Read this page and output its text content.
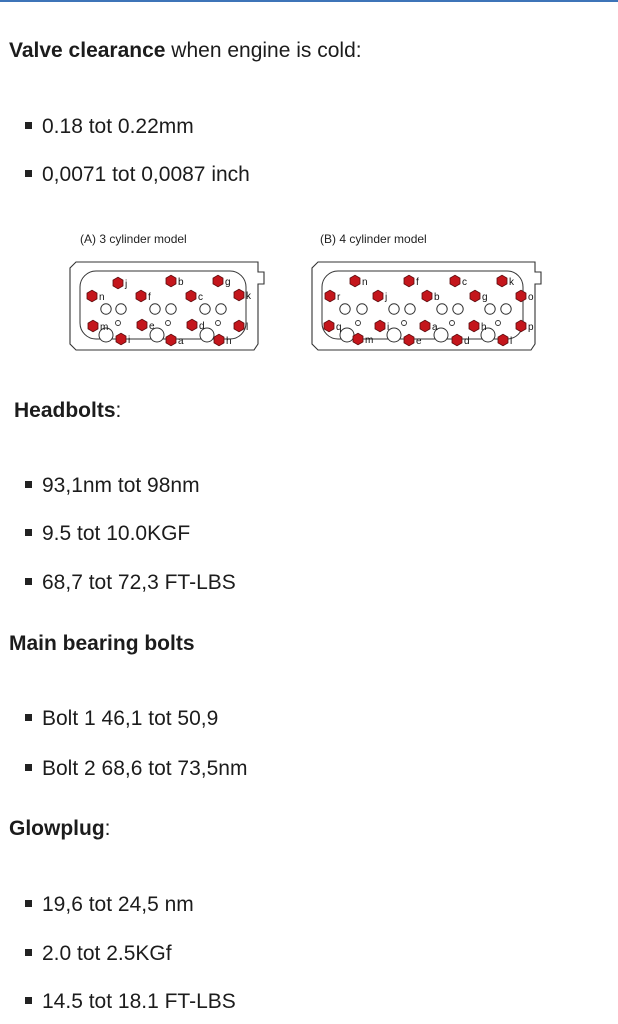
Valve clearance when engine is cold:
0.18 tot 0.22mm
0,0071 tot 0,0087 inch
(A) 3 cylinder model	(B) 4 cylinder model
j	b	g
n	f	c	k
m	e	d	l
i	a	h
n	f	c	k
r	j	b	g	o
q	i	a	h	p
m	e	d	l
Headbolts:
93,1nm tot 98nm
9.5 tot 10.0KGF
68,7 tot 72,3 FT-LBS
Main bearing bolts
Bolt 1 46,1 tot 50,9
Bolt 2 68,6 tot 73,5nm
Glowplug:
19,6 tot 24,5 nm
2.0 tot 2.5KGf
14.5 tot 18.1 FT-LBS
